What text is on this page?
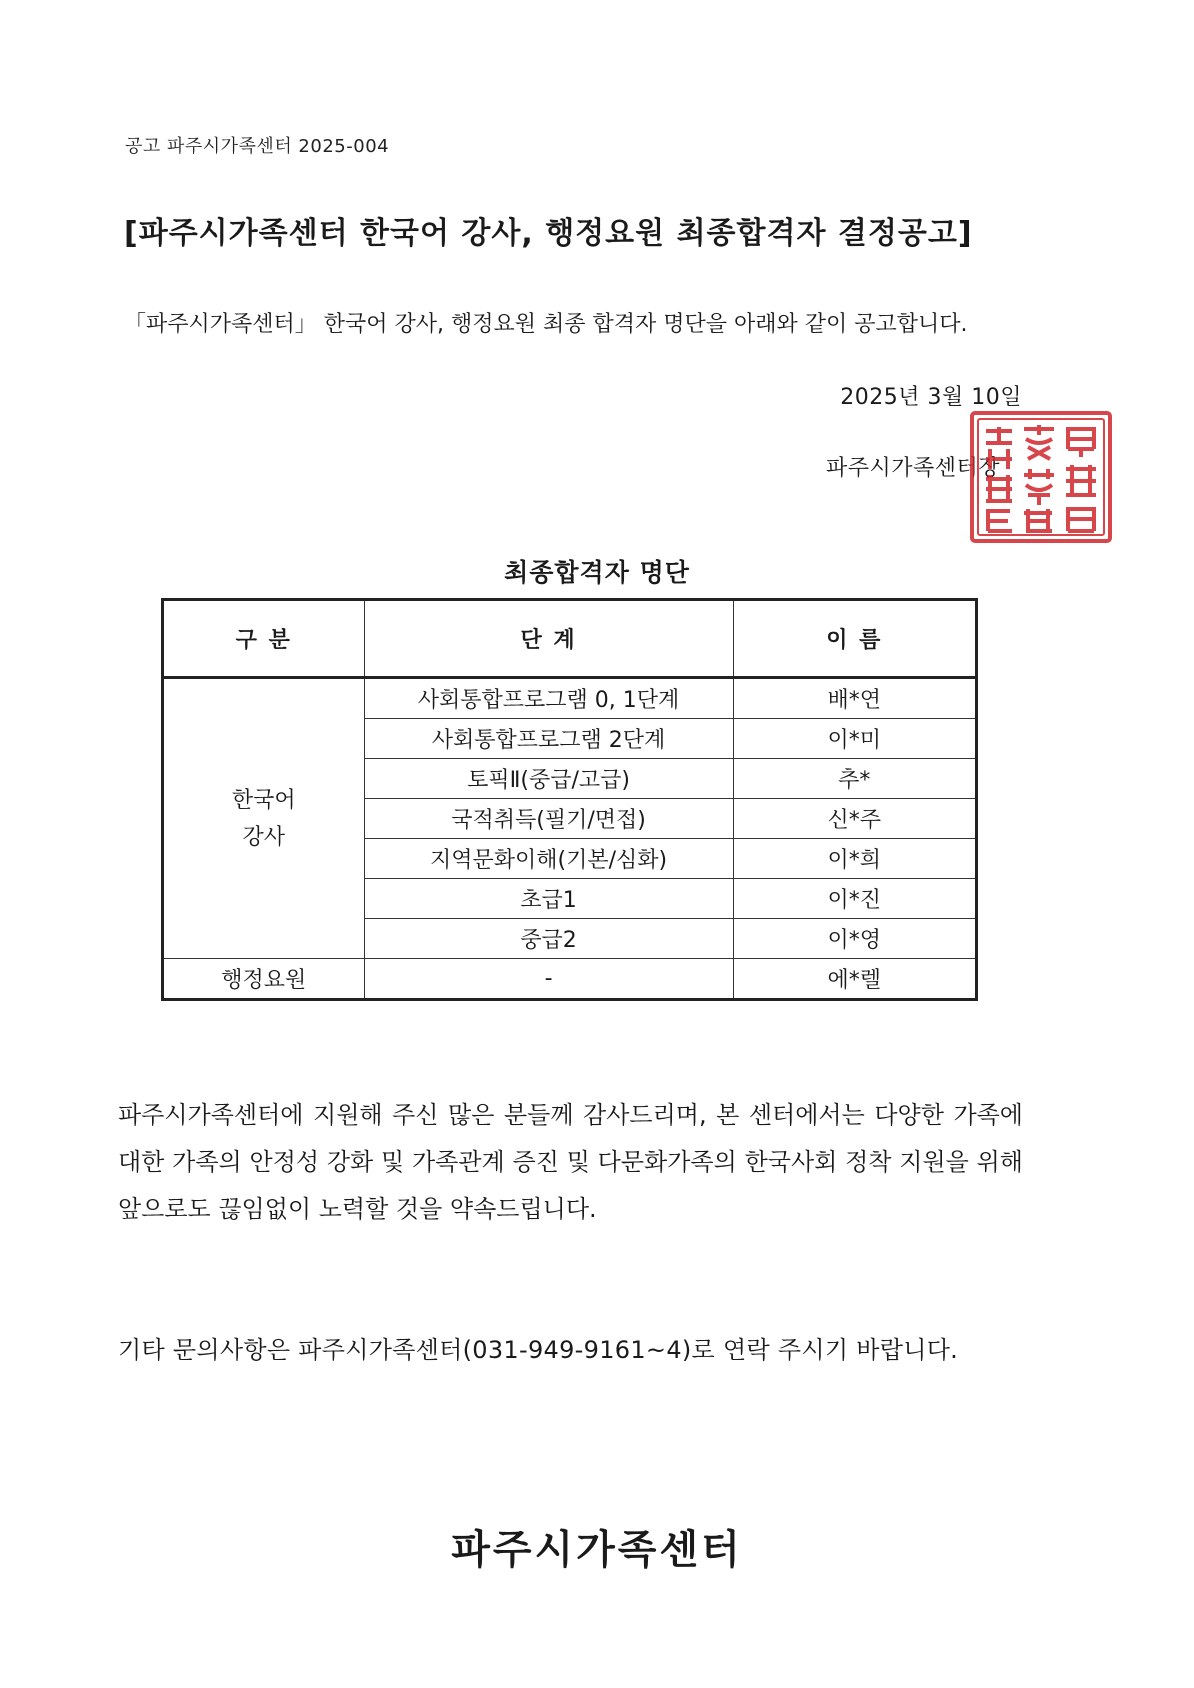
공고 파주시가족센터 2025-004
[파주시가족센터 한국어 강사, 행정요원 최종합격자 결정공고]
「파주시가족센터」 한국어 강사, 행정요원 최종 합격자 명단을 아래와 같이 공고합니다.
2025년 3월 10일
파주시가족센터장
최종합격자 명단
구 분	단 계	이 름

한국어
강사	사회통합프로그램 0, 1단계	배*연
	사회통합프로그램 2단계	이*미
	토픽Ⅱ(중급/고급)	추*
	국적취득(필기/면접)	신*주
	지역문화이해(기본/심화)	이*희
	초급1	이*진
	중급2	이*영
행정요원	-	에*렐
파주시가족센터에 지원해 주신 많은 분들께 감사드리며, 본 센터에서는 다양한 가족에 대한 가족의 안정성 강화 및 가족관계 증진 및 다문화가족의 한국사회 정착 지원을 위해 앞으로도 끊임없이 노력할 것을 약속드립니다.
기타 문의사항은 파주시가족센터(031-949-9161~4)로 연락 주시기 바랍니다.
파주시가족센터
